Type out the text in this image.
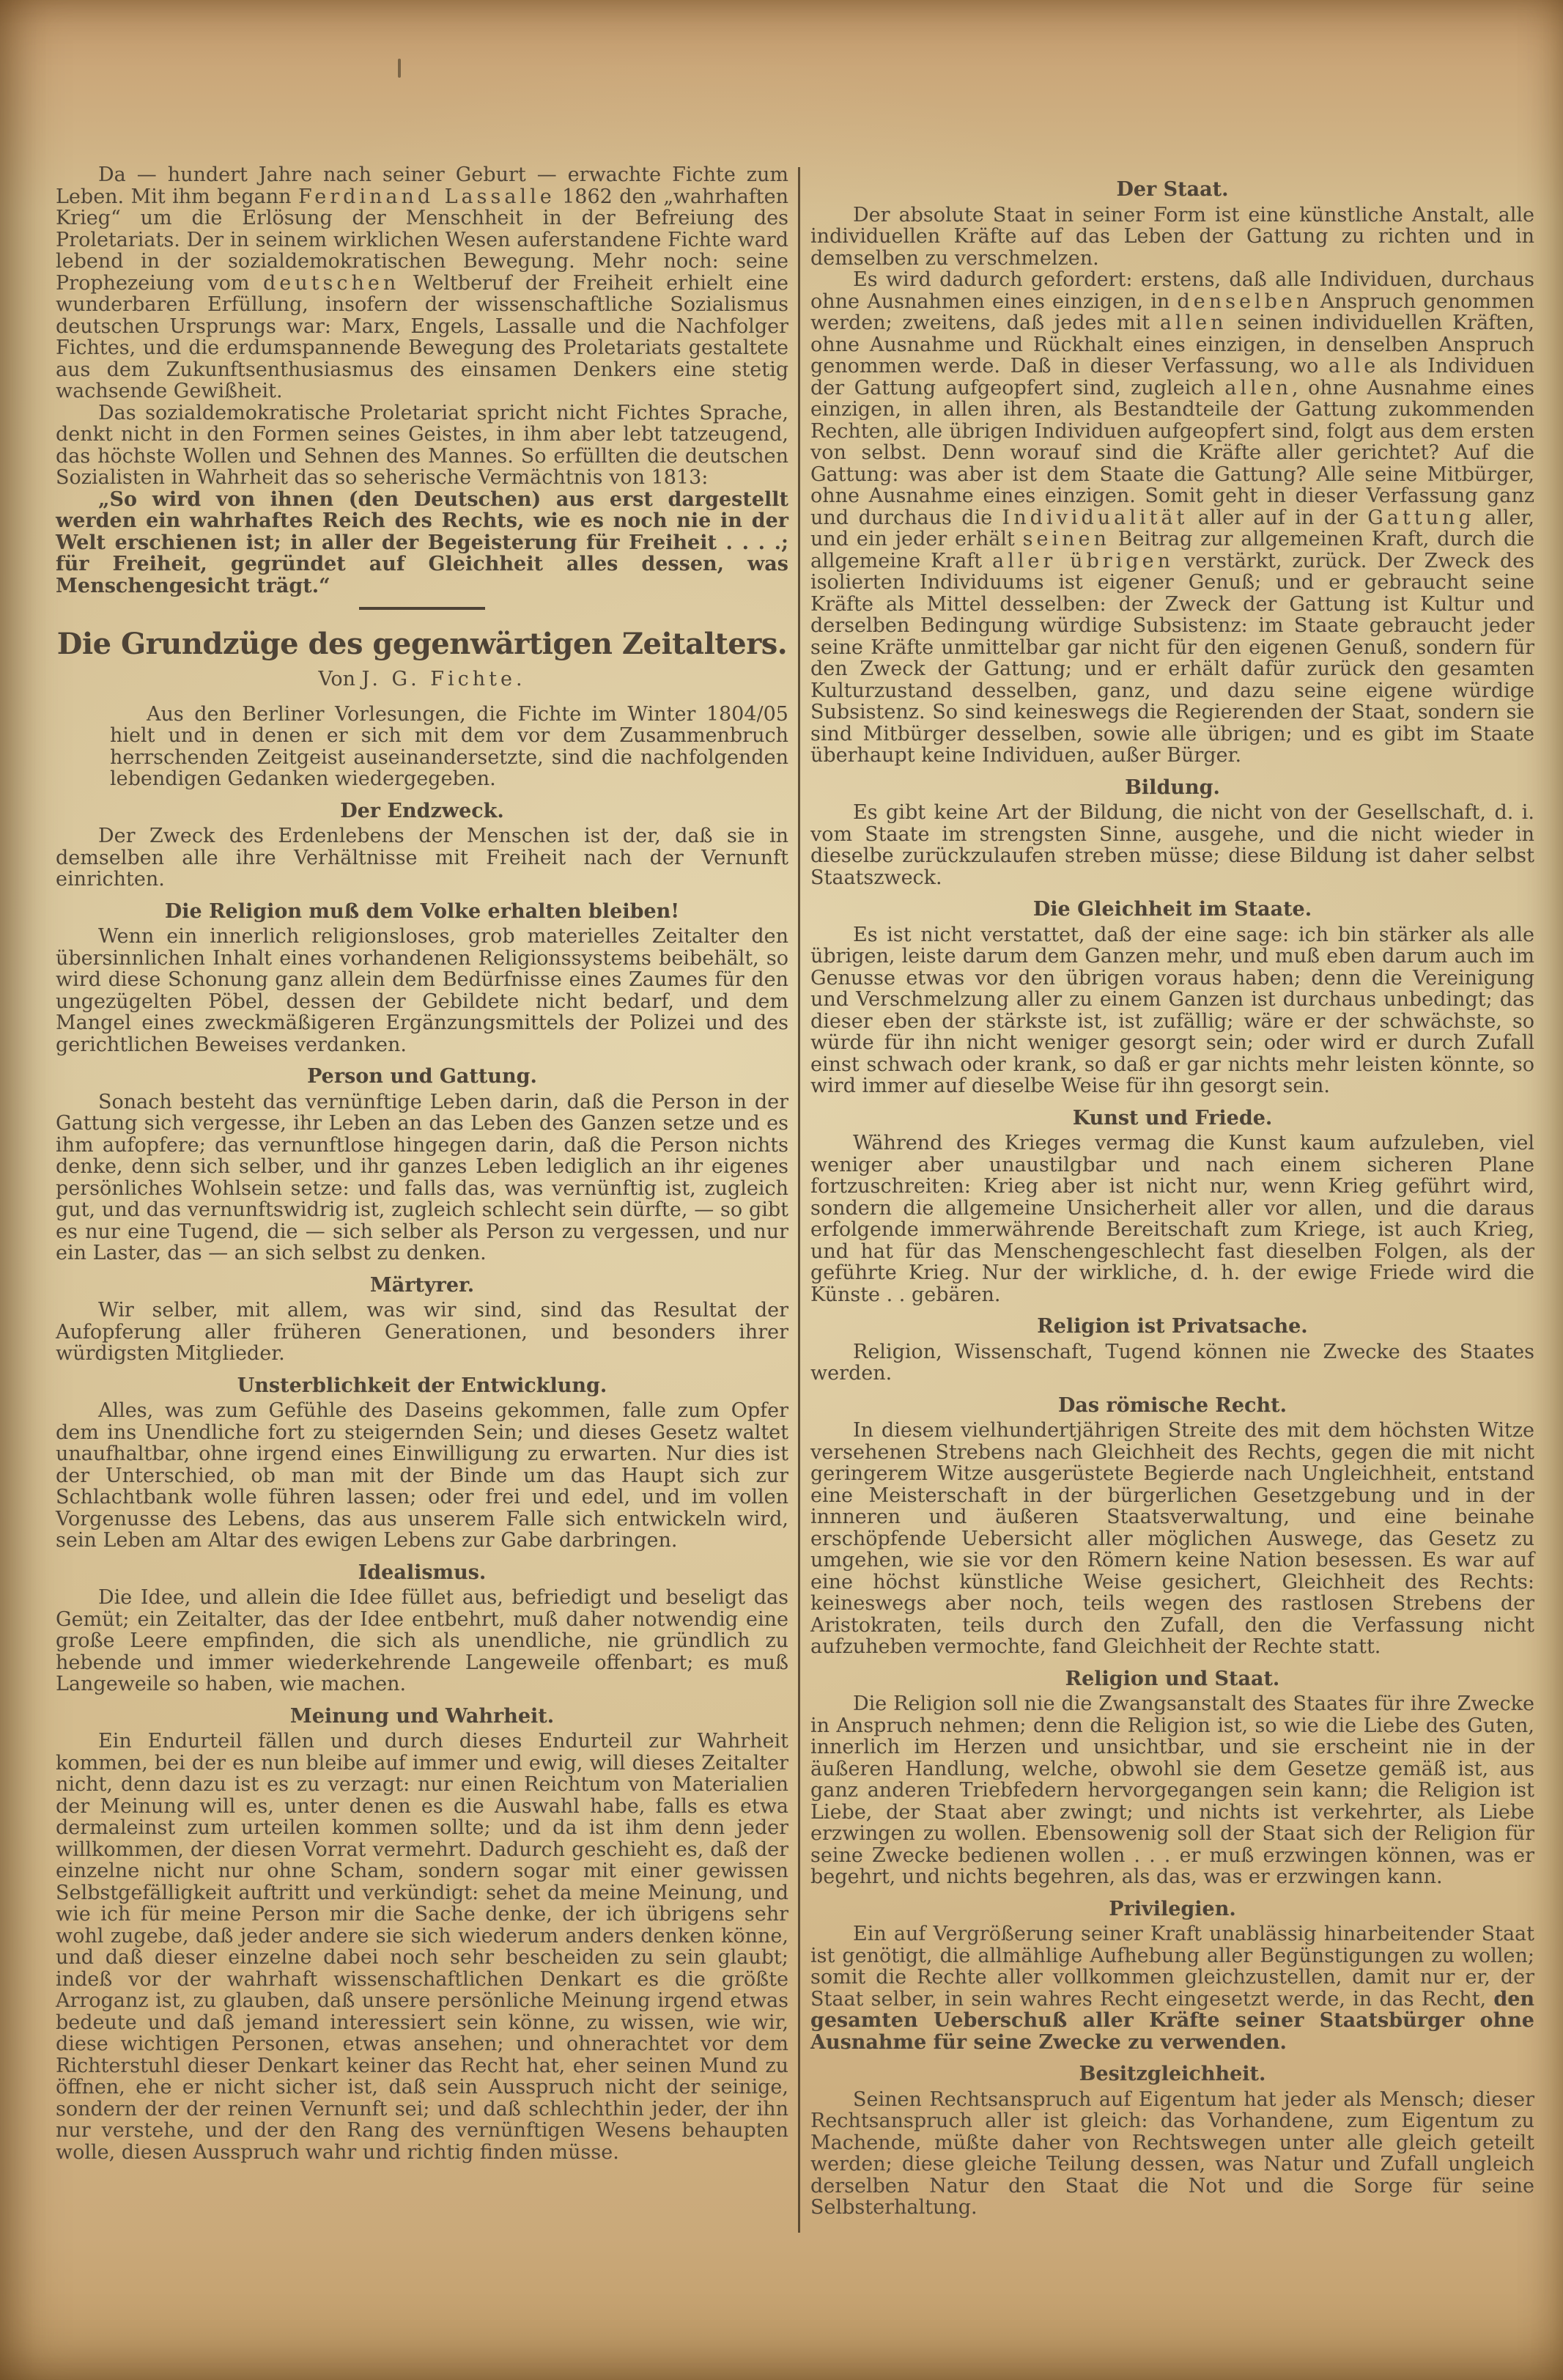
Da — hundert Jahre nach seiner Geburt — erwachte Fichte zum Leben. Mit ihm begann Ferdinand Lassalle 1862 den „wahrhaften Krieg“ um die Erlösung der Menschheit in der Befreiung des Proletariats. Der in seinem wirklichen Wesen auferstandene Fichte ward lebend in der sozialdemokratischen Bewegung. Mehr noch: seine Prophezeiung vom deutschen Weltberuf der Freiheit erhielt eine wunderbaren Erfüllung, insofern der wissenschaftliche Sozialismus deutschen Ursprungs war: Marx, Engels, Lassalle und die Nachfolger Fichtes, und die erdumspannende Bewegung des Proletariats gestaltete aus dem Zukunftsenthusiasmus des einsamen Denkers eine stetig wachsende Gewißheit.
Das sozialdemokratische Proletariat spricht nicht Fichtes Sprache, denkt nicht in den Formen seines Geistes, in ihm aber lebt tatzeugend, das höchste Wollen und Sehnen des Mannes. So erfüllten die deutschen Sozialisten in Wahrheit das so seherische Vermächtnis von 1813:
„So wird von ihnen (den Deutschen) aus erst dargestellt werden ein wahrhaftes Reich des Rechts, wie es noch nie in der Welt erschienen ist; in aller der Begeisterung für Freiheit . . . .; für Freiheit, gegründet auf Gleichheit alles dessen, was Menschengesicht trägt.“
Die Grundzüge des gegenwärtigen Zeitalters.
Von J. G. Fichte.
Aus den Berliner Vorlesungen, die Fichte im Winter 1804/05 hielt und in denen er sich mit dem vor dem Zusammenbruch herrschenden Zeitgeist auseinandersetzte, sind die nachfolgenden lebendigen Gedanken wiedergegeben.
Der Endzweck.
Der Zweck des Erdenlebens der Menschen ist der, daß sie in demselben alle ihre Verhältnisse mit Freiheit nach der Vernunft einrichten.
Die Religion muß dem Volke erhalten bleiben!
Wenn ein innerlich religionsloses, grob materielles Zeitalter den übersinnlichen Inhalt eines vorhandenen Religionssystems beibehält, so wird diese Schonung ganz allein dem Bedürfnisse eines Zaumes für den ungezügelten Pöbel, dessen der Gebildete nicht bedarf, und dem Mangel eines zweckmäßigeren Ergänzungsmittels der Polizei und des gerichtlichen Beweises verdanken.
Person und Gattung.
Sonach besteht das vernünftige Leben darin, daß die Person in der Gattung sich vergesse, ihr Leben an das Leben des Ganzen setze und es ihm aufopfere; das vernunftlose hingegen darin, daß die Person nichts denke, denn sich selber, und ihr ganzes Leben lediglich an ihr eigenes persönliches Wohlsein setze: und falls das, was vernünftig ist, zugleich gut, und das vernunftswidrig ist, zugleich schlecht sein dürfte, — so gibt es nur eine Tugend, die — sich selber als Person zu vergessen, und nur ein Laster, das — an sich selbst zu denken.
Märtyrer.
Wir selber, mit allem, was wir sind, sind das Resultat der Aufopferung aller früheren Generationen, und besonders ihrer würdigsten Mitglieder.
Unsterblichkeit der Entwicklung.
Alles, was zum Gefühle des Daseins gekommen, falle zum Opfer dem ins Unendliche fort zu steigernden Sein; und dieses Gesetz waltet unaufhaltbar, ohne irgend eines Einwilligung zu erwarten. Nur dies ist der Unterschied, ob man mit der Binde um das Haupt sich zur Schlachtbank wolle führen lassen; oder frei und edel, und im vollen Vorgenusse des Lebens, das aus unserem Falle sich entwickeln wird, sein Leben am Altar des ewigen Lebens zur Gabe darbringen.
Idealismus.
Die Idee, und allein die Idee füllet aus, befriedigt und beseligt das Gemüt; ein Zeitalter, das der Idee entbehrt, muß daher notwendig eine große Leere empfinden, die sich als unendliche, nie gründlich zu hebende und immer wiederkehrende Langeweile offenbart; es muß Langeweile so haben, wie machen.
Meinung und Wahrheit.
Ein Endurteil fällen und durch dieses Endurteil zur Wahrheit kommen, bei der es nun bleibe auf immer und ewig, will dieses Zeitalter nicht, denn dazu ist es zu verzagt: nur einen Reichtum von Materialien der Meinung will es, unter denen es die Auswahl habe, falls es etwa dermaleinst zum urteilen kommen sollte; und da ist ihm denn jeder willkommen, der diesen Vorrat vermehrt. Dadurch geschieht es, daß der einzelne nicht nur ohne Scham, sondern sogar mit einer gewissen Selbstgefälligkeit auftritt und verkündigt: sehet da meine Meinung, und wie ich für meine Person mir die Sache denke, der ich übrigens sehr wohl zugebe, daß jeder andere sie sich wiederum anders denken könne, und daß dieser einzelne dabei noch sehr bescheiden zu sein glaubt; indeß vor der wahrhaft wissenschaftlichen Denkart es die größte Arroganz ist, zu glauben, daß unsere persönliche Meinung irgend etwas bedeute und daß jemand interessiert sein könne, zu wissen, wie wir, diese wichtigen Personen, etwas ansehen; und ohnerachtet vor dem Richterstuhl dieser Denkart keiner das Recht hat, eher seinen Mund zu öffnen, ehe er nicht sicher ist, daß sein Ausspruch nicht der seinige, sondern der der reinen Vernunft sei; und daß schlechthin jeder, der ihn nur verstehe, und der den Rang des vernünftigen Wesens behaupten wolle, diesen Ausspruch wahr und richtig finden müsse.
Der Staat.
Der absolute Staat in seiner Form ist eine künstliche Anstalt, alle individuellen Kräfte auf das Leben der Gattung zu richten und in demselben zu verschmelzen.
Es wird dadurch gefordert: erstens, daß alle Individuen, durchaus ohne Ausnahmen eines einzigen, in denselben Anspruch genommen werden; zweitens, daß jedes mit allen seinen individuellen Kräften, ohne Ausnahme und Rückhalt eines einzigen, in denselben Anspruch genommen werde. Daß in dieser Verfassung, wo alle als Individuen der Gattung aufgeopfert sind, zugleich allen, ohne Ausnahme eines einzigen, in allen ihren, als Bestandteile der Gattung zukommenden Rechten, alle übrigen Individuen aufgeopfert sind, folgt aus dem ersten von selbst. Denn worauf sind die Kräfte aller gerichtet? Auf die Gattung: was aber ist dem Staate die Gattung? Alle seine Mitbürger, ohne Ausnahme eines einzigen. Somit geht in dieser Verfassung ganz und durchaus die Individualität aller auf in der Gattung aller, und ein jeder erhält seinen Beitrag zur allgemeinen Kraft, durch die allgemeine Kraft aller übrigen verstärkt, zurück. Der Zweck des isolierten Individuums ist eigener Genuß; und er gebraucht seine Kräfte als Mittel desselben: der Zweck der Gattung ist Kultur und derselben Bedingung würdige Subsistenz: im Staate gebraucht jeder seine Kräfte unmittelbar gar nicht für den eigenen Genuß, sondern für den Zweck der Gattung; und er erhält dafür zurück den gesamten Kulturzustand desselben, ganz, und dazu seine eigene würdige Subsistenz. So sind keineswegs die Regierenden der Staat, sondern sie sind Mitbürger desselben, sowie alle übrigen; und es gibt im Staate überhaupt keine Individuen, außer Bürger.
Bildung.
Es gibt keine Art der Bildung, die nicht von der Gesellschaft, d. i. vom Staate im strengsten Sinne, ausgehe, und die nicht wieder in dieselbe zurückzulaufen streben müsse; diese Bildung ist daher selbst Staatszweck.
Die Gleichheit im Staate.
Es ist nicht verstattet, daß der eine sage: ich bin stärker als alle übrigen, leiste darum dem Ganzen mehr, und muß eben darum auch im Genusse etwas vor den übrigen voraus haben; denn die Vereinigung und Verschmelzung aller zu einem Ganzen ist durchaus unbedingt; das dieser eben der stärkste ist, ist zufällig; wäre er der schwächste, so würde für ihn nicht weniger gesorgt sein; oder wird er durch Zufall einst schwach oder krank, so daß er gar nichts mehr leisten könnte, so wird immer auf dieselbe Weise für ihn gesorgt sein.
Kunst und Friede.
Während des Krieges vermag die Kunst kaum aufzuleben, viel weniger aber unaustilgbar und nach einem sicheren Plane fortzuschreiten: Krieg aber ist nicht nur, wenn Krieg geführt wird, sondern die allgemeine Unsicherheit aller vor allen, und die daraus erfolgende immerwährende Bereitschaft zum Kriege, ist auch Krieg, und hat für das Menschengeschlecht fast dieselben Folgen, als der geführte Krieg. Nur der wirkliche, d. h. der ewige Friede wird die Künste . . gebären.
Religion ist Privatsache.
Religion, Wissenschaft, Tugend können nie Zwecke des Staates werden.
Das römische Recht.
In diesem vielhundertjährigen Streite des mit dem höchsten Witze versehenen Strebens nach Gleichheit des Rechts, gegen die mit nicht geringerem Witze ausgerüstete Begierde nach Ungleichheit, entstand eine Meisterschaft in der bürgerlichen Gesetzgebung und in der innneren und äußeren Staatsverwaltung, und eine beinahe erschöpfende Uebersicht aller möglichen Auswege, das Gesetz zu umgehen, wie sie vor den Römern keine Nation besessen. Es war auf eine höchst künstliche Weise gesichert, Gleichheit des Rechts: keineswegs aber noch, teils wegen des rastlosen Strebens der Aristokraten, teils durch den Zufall, den die Verfassung nicht aufzuheben vermochte, fand Gleichheit der Rechte statt.
Religion und Staat.
Die Religion soll nie die Zwangsanstalt des Staates für ihre Zwecke in Anspruch nehmen; denn die Religion ist, so wie die Liebe des Guten, innerlich im Herzen und unsichtbar, und sie erscheint nie in der äußeren Handlung, welche, obwohl sie dem Gesetze gemäß ist, aus ganz anderen Triebfedern hervorgegangen sein kann; die Religion ist Liebe, der Staat aber zwingt; und nichts ist verkehrter, als Liebe erzwingen zu wollen. Ebensowenig soll der Staat sich der Religion für seine Zwecke bedienen wollen . . . er muß erzwingen können, was er begehrt, und nichts begehren, als das, was er erzwingen kann.
Privilegien.
Ein auf Vergrößerung seiner Kraft unablässig hinarbeitender Staat ist genötigt, die allmählige Aufhebung aller Begünstigungen zu wollen; somit die Rechte aller vollkommen gleichzustellen, damit nur er, der Staat selber, in sein wahres Recht eingesetzt werde, in das Recht, den gesamten Ueberschuß aller Kräfte seiner Staatsbürger ohne Ausnahme für seine Zwecke zu verwenden.
Besitzgleichheit.
Seinen Rechtsanspruch auf Eigentum hat jeder als Mensch; dieser Rechtsanspruch aller ist gleich: das Vorhandene, zum Eigentum zu Machende, müßte daher von Rechtswegen unter alle gleich geteilt werden; diese gleiche Teilung dessen, was Natur und Zufall ungleich derselben Natur den Staat die Not und die Sorge für seine Selbsterhaltung.
